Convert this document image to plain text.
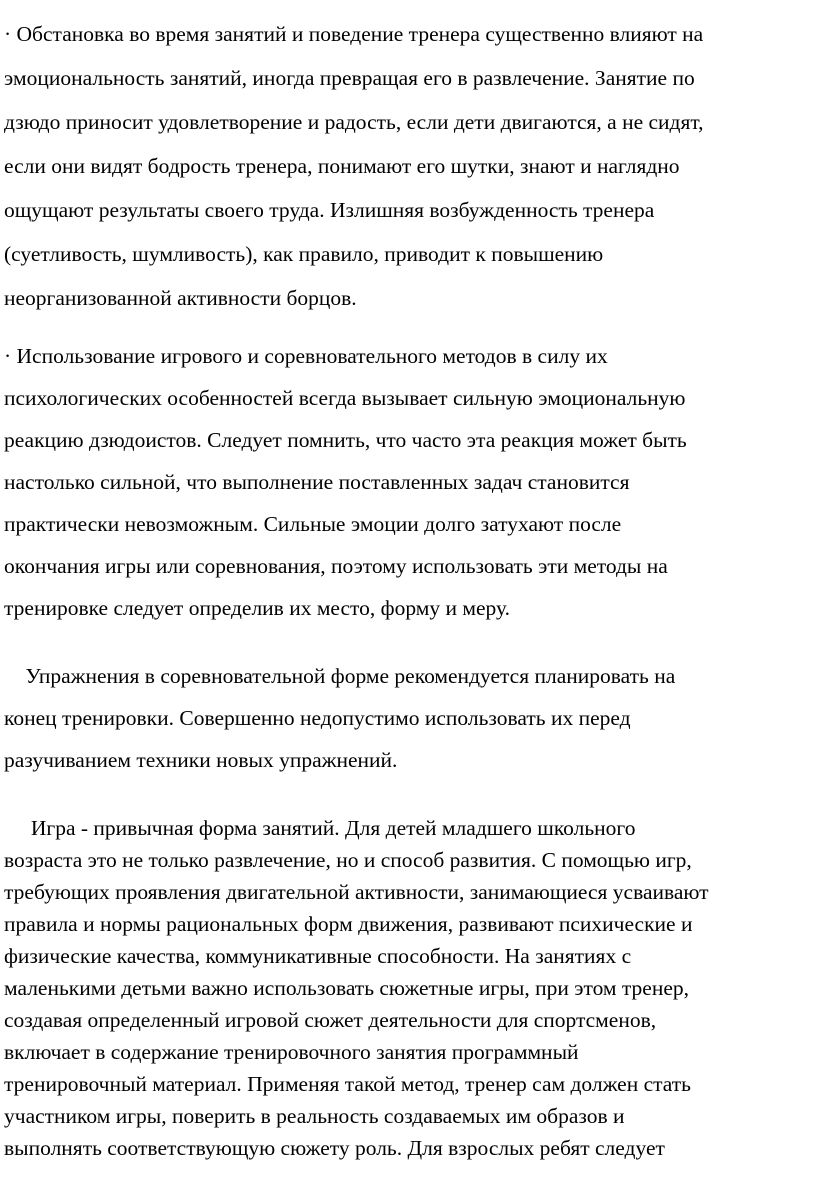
· Обстановка во время занятий и поведение тренера существенно влияют на
эмоциональность занятий, иногда превращая его в развлечение. Занятие по
дзюдо приносит удовлетворение и радость, если дети двигаются, а не сидят,
если они видят бодрость тренера, понимают его шутки, знают и наглядно
ощущают результаты своего труда. Излишняя возбужденность тренера
(суетливость, шумливость), как правило, приводит к повышению
неорганизованной активности борцов.
· Использование игрового и соревновательного методов в силу их
психологических особенностей всегда вызывает сильную эмоциональную
реакцию дзюдоистов. Следует помнить, что часто эта реакция может быть
настолько сильной, что выполнение поставленных задач становится
практически невозможным. Сильные эмоции долго затухают после
окончания игры или соревнования, поэтому использовать эти методы на
тренировке следует определив их место, форму и меру.
Упражнения в соревновательной форме рекомендуется планировать на
конец тренировки. Совершенно недопустимо использовать их перед
разучиванием техники новых упражнений.
Игра - привычная форма занятий. Для детей младшего школьного
возраста это не только развлечение, но и способ развития. С помощью игр,
требующих проявления двигательной активности, занимающиеся усваивают
правила и нормы рациональных форм движения, развивают психические и
физические качества, коммуникативные способности. На занятиях с
маленькими детьми важно использовать сюжетные игры, при этом тренер,
создавая определенный игровой сюжет деятельности для спортсменов,
включает в содержание тренировочного занятия программный
тренировочный материал. Применяя такой метод, тренер сам должен стать
участником игры, поверить в реальность создаваемых им образов и
выполнять соответствующую сюжету роль. Для взрослых ребят следует
